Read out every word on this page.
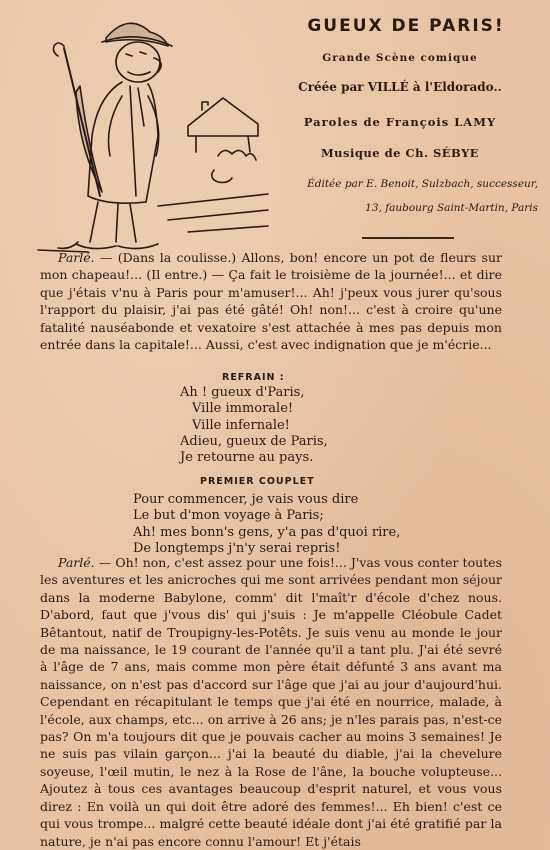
GUEUX DE PARIS!
Grande Scène comique
Créée par VILLÉ à l'Eldorado..
Paroles de François LAMY
Musique de Ch. SÉBYE
Éditée par E. Benoit, Sulzbach, successeur,
13, faubourg Saint-Martin, Paris
Parlé. — (Dans la coulisse.) Allons, bon! encore un pot de fleurs sur mon chapeau!... (Il entre.) — Ça fait le troisième de la journée!... et dire que j'étais v'nu à Paris pour m'amuser!... Ah! j'peux vous jurer qu'sous l'rapport du plaisir, j'ai pas été gâté! Oh! non!... c'est à croire qu'une fatalité nauséabonde et vexatoire s'est attachée à mes pas depuis mon entrée dans la capitale!... Aussi, c'est avec indignation que je m'écrie...
REFRAIN :
Ah ! gueux d'Paris,
Ville immorale!
Ville infernale!
Adieu, gueux de Paris,
Je retourne au pays.
PREMIER COUPLET
Pour commencer, je vais vous dire
Le but d'mon voyage à Paris;
Ah! mes bonn's gens, y'a pas d'quoi rire,
De longtemps j'n'y serai repris!
Parlé. — Oh! non, c'est assez pour une fois!... J'vas vous conter toutes les aventures et les anicroches qui me sont arrivées pendant mon séjour dans la moderne Babylone, comm' dit l'maît'r d'école d'chez nous. D'abord, faut que j'vous dis' qui j'suis : Je m'appelle Cléobule Cadet Bêtantout, natif de Troupigny-les-Potêts. Je suis venu au monde le jour de ma naissance, le 19 courant de l'année qu'il a tant plu. J'ai été sevré à l'âge de 7 ans, mais comme mon père était défunté 3 ans avant ma naissance, on n'est pas d'accord sur l'âge que j'ai au jour d'aujourd'hui. Cependant en récapitulant le temps que j'ai été en nourrice, malade, à l'école, aux champs, etc... on arrive à 26 ans; je n'les parais pas, n'est-ce pas? On m'a toujours dit que je pouvais cacher au moins 3 semaines! Je ne suis pas vilain garçon... j'ai la beauté du diable, j'ai la chevelure soyeuse, l'œil mutin, le nez à la Rose de l'âne, la bouche volupteuse... Ajoutez à tous ces avantages beaucoup d'esprit naturel, et vous vous direz : En voilà un qui doit être adoré des femmes!... Eh bien! c'est ce qui vous trompe... malgré cette beauté idéale dont j'ai été gratifié par la nature, je n'ai pas encore connu l'amour! Et j'étais
